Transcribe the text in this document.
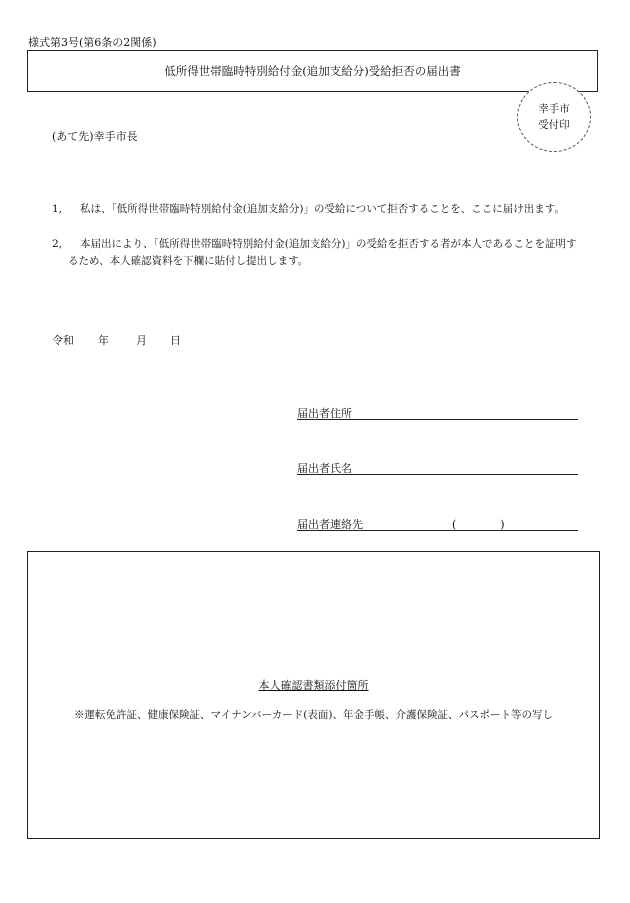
様式第3号(第6条の2関係)
低所得世帯臨時特別給付金(追加支給分)受給拒否の届出書
幸手市
受付印
(あて先)幸手市長
1,	私は、「低所得世帯臨時特別給付金(追加支給分)」の受給について拒否することを、ここに届け出ます。
2,	本届出により、「低所得世帯臨時特別給付金(追加支給分)」の受給を拒否する者が本人であることを証明するため、本人確認資料を下欄に貼付し提出します。
令和 年 月 日
届出者住所
届出者氏名
届出者連絡先	(　　　　)
本人確認書類添付箇所
※運転免許証、健康保険証、マイナンバーカード(表面)、年金手帳、介護保険証、パスポート等の写し
